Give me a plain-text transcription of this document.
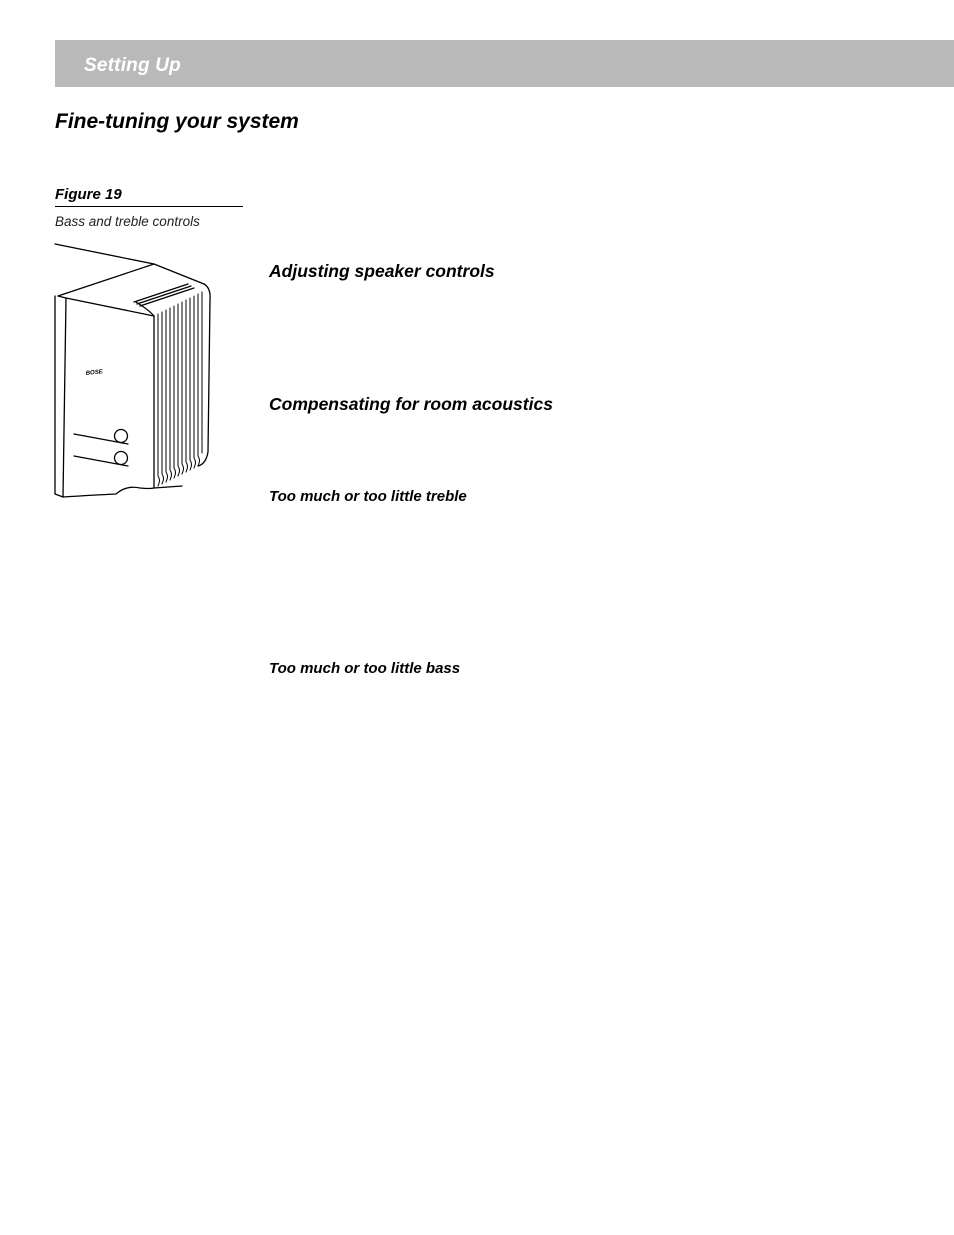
Setting Up
Fine-tuning your system
Figure 19
Bass and treble controls
BOSE
Adjusting speaker controls
Compensating for room acoustics
Too much or too little treble
Too much or too little bass
